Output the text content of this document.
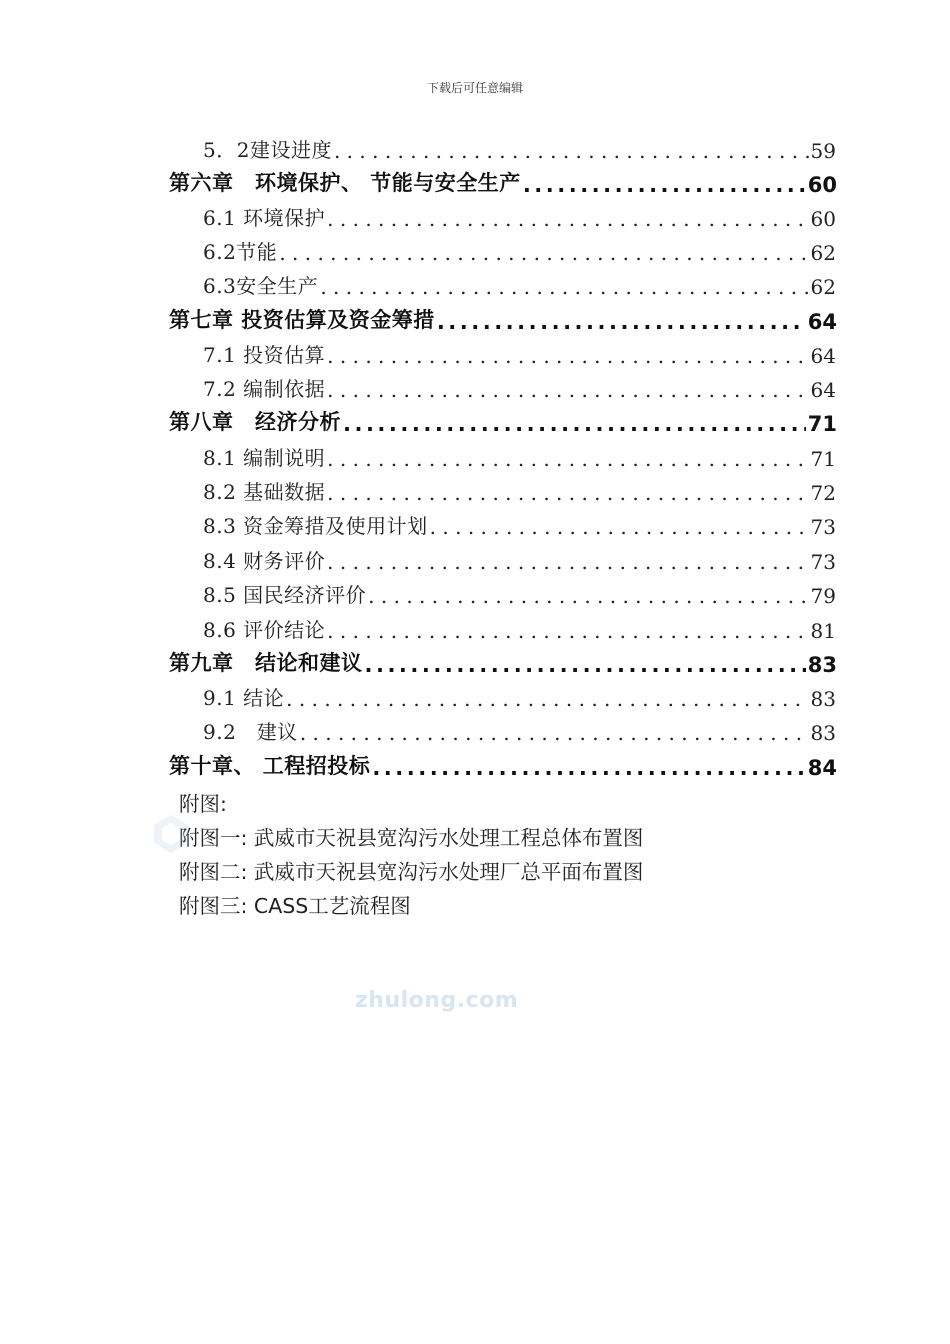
下载后可任意编辑
5．2建设进度 . . .	59
第六章　环境保护、 节能与安全生产 .....	60
6.1 环境保护 . . .	60
6.2节能 . . .	62
6.3安全生产 . . .	62
第七章 投资估算及资金筹措 .....	64
7.1 投资估算 . . .	64
7.2 编制依据 . . .	64
第八章　经济分析 .....	71
8.1 编制说明 . . .	71
8.2 基础数据 . . .	72
8.3 资金筹措及使用计划 . . .	73
8.4 财务评价 . . .	73
8.5 国民经济评价 . . .	79
8.6 评价结论 . . .	81
第九章　结论和建议 .....	83
9.1 结论 . . .	83
9.2　建议 . . .	83
第十章、 工程招投标 .....	84
附图:
附图一: 武威市天祝县宽沟污水处理工程总体布置图
附图二: 武威市天祝县宽沟污水处理厂总平面布置图
附图三: CASS工艺流程图
zhulong.com
